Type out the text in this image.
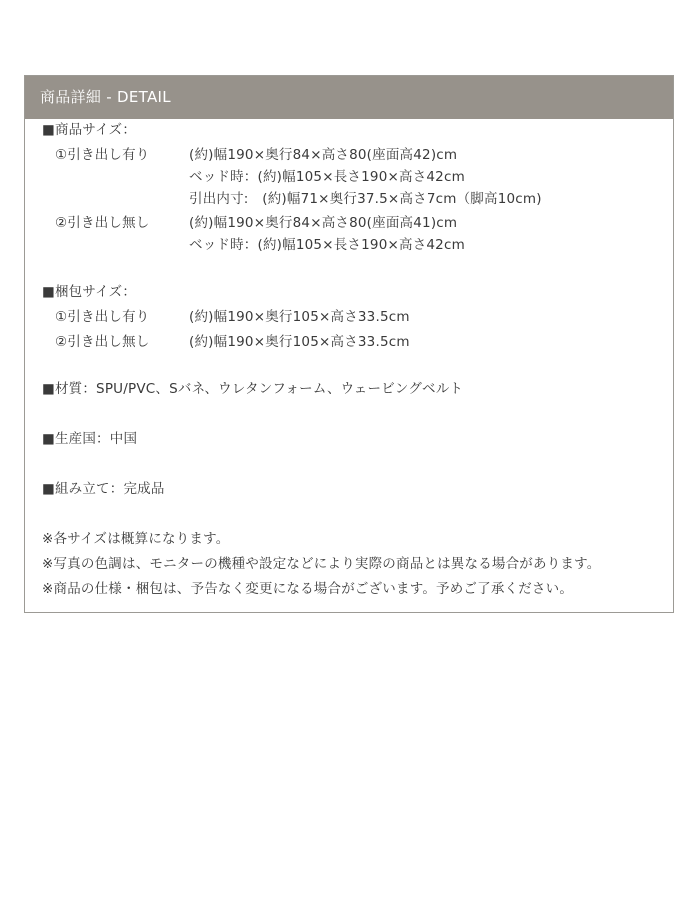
商品詳細 - DETAIL
■商品サイズ：
①引き出し有り	(約)幅190×奥行84×高さ80(座面高42)cm
ベッド時：(約)幅105×長さ190×高さ42cm
引出内寸:　(約)幅71×奥行37.5×高さ7cm（脚高10cm)
②引き出し無し	(約)幅190×奥行84×高さ80(座面高41)cm
ベッド時：(約)幅105×長さ190×高さ42cm
■梱包サイズ：
①引き出し有り	(約)幅190×奥行105×高さ33.5cm
②引き出し無し	(約)幅190×奥行105×高さ33.5cm
■材質：SPU/PVC、Sバネ、ウレタンフォーム、ウェービングベルト
■生産国：中国
■組み立て：完成品
※各サイズは概算になります。
※写真の色調は、モニターの機種や設定などにより実際の商品とは異なる場合があります。
※商品の仕様・梱包は、予告なく変更になる場合がございます。予めご了承ください。
